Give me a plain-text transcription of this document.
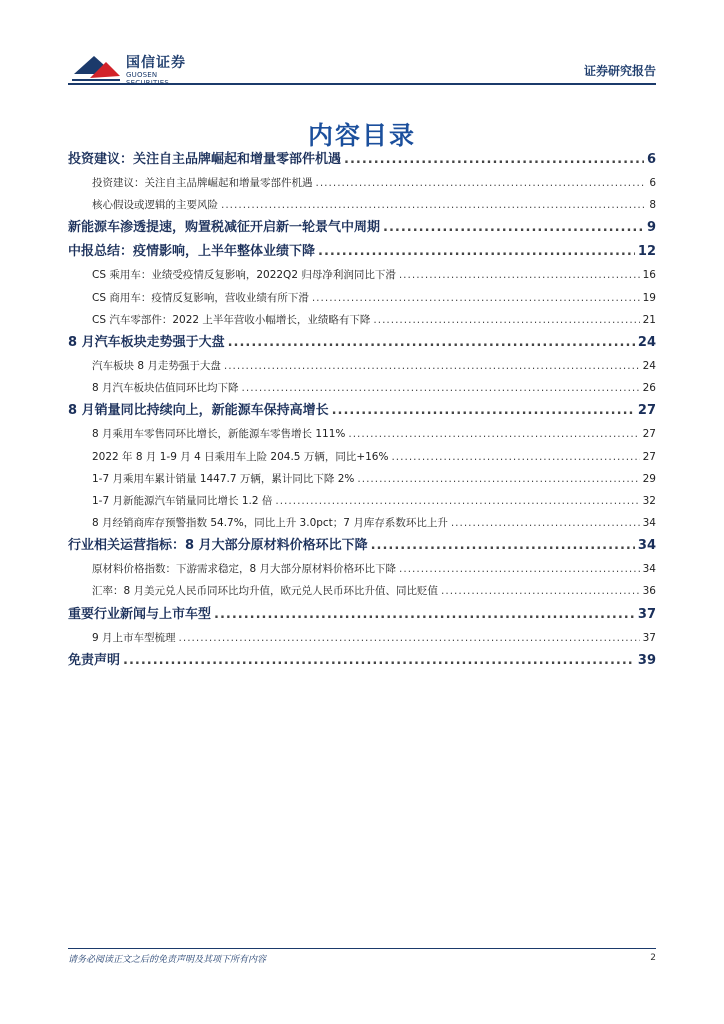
国信证券
GUOSEN	证券研究报告
内容目录
投资建议：关注自主品牌崛起和增量零部件机遇 .....	6
投资建议：关注自主品牌崛起和增量零部件机遇 .....	6
核心假设或逻辑的主要风险 .....	8
新能源车渗透提速，购置税减征开启新一轮景气中周期 .....	9
中报总结：疫情影响，上半年整体业绩下降 .....	12
CS 乘用车：业绩受疫情反复影响，2022Q2 归母净利润同比下滑 .....	16
CS 商用车：疫情反复影响，营收业绩有所下滑 .....	19
CS 汽车零部件：2022 上半年营收小幅增长，业绩略有下降 .....	21
8 月汽车板块走势强于大盘 .....	24
汽车板块 8 月走势强于大盘 .....	24
8 月汽车板块估值同环比均下降 .....	26
8 月销量同比持续向上，新能源车保持高增长 .....	27
8 月乘用车零售同环比增长，新能源车零售增长 111% .....	27
2022 年 8 月 1-9 月 4 日乘用车上险 204.5 万辆，同比+16% .....	27
1-7 月乘用车累计销量 1447.7 万辆，累计同比下降 2% .....	29
1-7 月新能源汽车销量同比增长 1.2 倍 .....	32
8 月经销商库存预警指数 54.7%，同比上升 3.0pct；7 月库存系数环比上升 .....	34
行业相关运营指标：8 月大部分原材料价格环比下降 .....	34
原材料价格指数：下游需求稳定，8 月大部分原材料价格环比下降 .....	34
汇率：8 月美元兑人民币同环比均升值，欧元兑人民币环比升值、同比贬值 .....	36
重要行业新闻与上市车型 .....	37
9 月上市车型梳理 .....	37
免责声明 .....	39
请务必阅读正文之后的免责声明及其项下所有内容	2
